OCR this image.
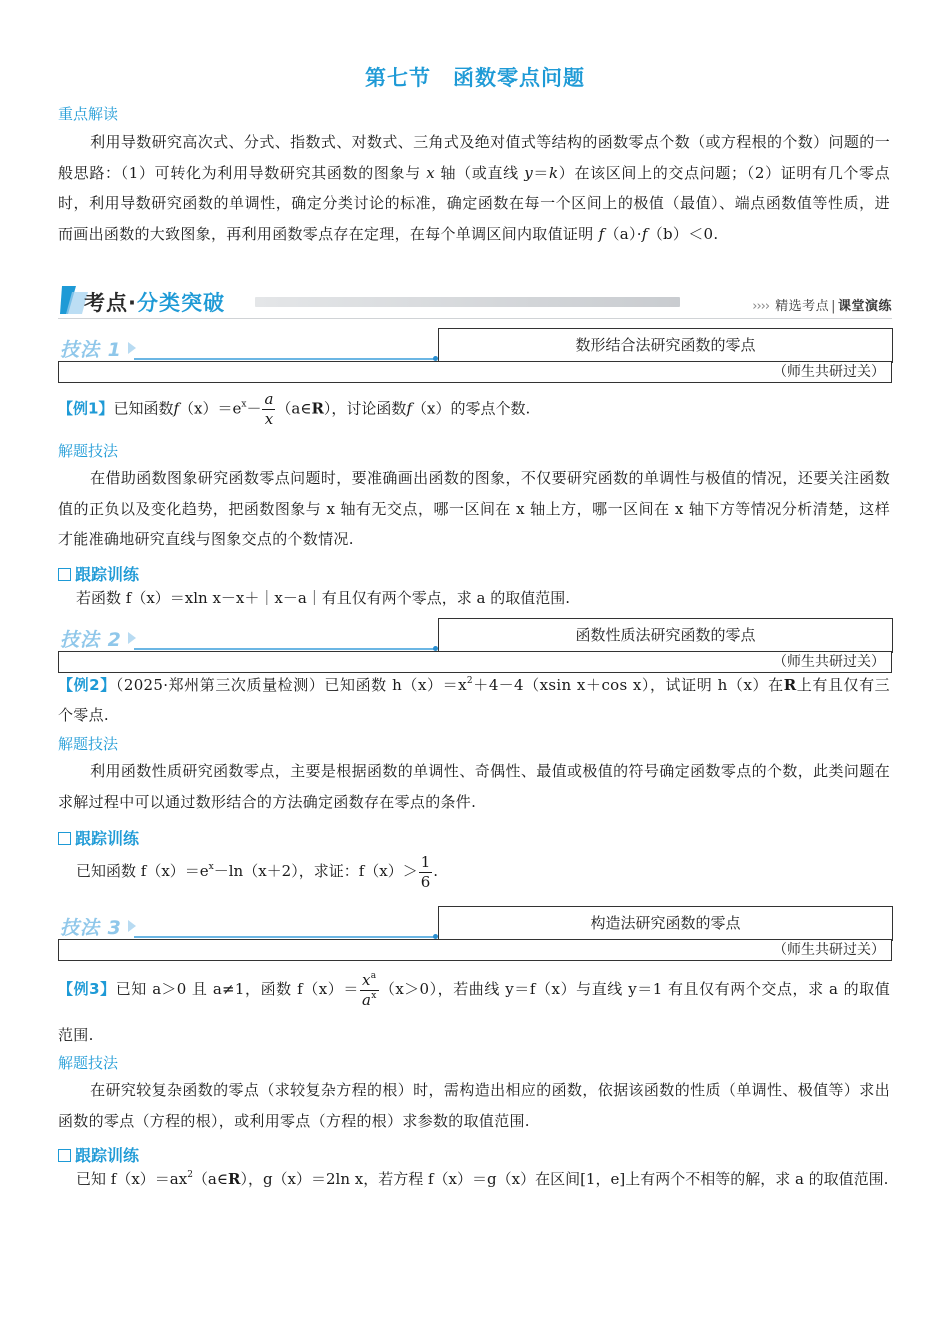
第七节 函数零点问题
重点解读
利用导数研究高次式、分式、指数式、对数式、三角式及绝对值式等结构的函数零点个数（或方程根的个数）问题的一般思路：（1）可转化为利用导数研究其函数的图象与 x 轴（或直线 y＝k）在该区间上的交点问题；（2）证明有几个零点时，利用导数研究函数的单调性，确定分类讨论的标准，确定函数在每一个区间上的极值（最值）、端点函数值等性质，进而画出函数的大致图象，再利用函数零点存在定理，在每个单调区间内取值证明 f（a）·f（b）＜0.
考点·分类突破	›››› 精选考点 | 课堂演练
技法 1	数形结合法研究函数的零点
（师生共研过关）
【例1】已知函数$f(x)=e^x- \frac{a}{x}$ （a∈R），讨论函数f（x）的零点个数.
解题技法
在借助函数图象研究函数零点问题时，要准确画出函数的图象，不仅要研究函数的单调性与极值的情况，还要关注函数值的正负以及变化趋势，把函数图象与 x 轴有无交点，哪一区间在 x 轴上方，哪一区间在 x 轴下方等情况分析清楚，这样才能准确地研究直线与图象交点的个数情况.
跟踪训练
若函数 f（x）＝xln x－x＋｜x－a｜有且仅有两个零点，求 a 的取值范围.
技法 2	函数性质法研究函数的零点
（师生共研过关）
【例2】（2025·郑州第三次质量检测）已知函数 $h(x)=x^2+4-4(xsin$ x＋cos x），试证明 h（x）在R上有且仅有三个零点.
解题技法
利用函数性质研究函数零点，主要是根据函数的单调性、奇偶性、最值或极值的符号确定函数零点的个数，此类问题在求解过程中可以通过数形结合的方法确定函数存在零点的条件.
跟踪训练
已知函数 $f(x)=e^x-\ln(x+2)$，求证：$f(x)> \frac{1}{6}$ .
技法 3	构造法研究函数的零点
（师生共研过关）
【例3】已知 a＞0 且 a≠1，函数 $f(x)= \frac{x^a}{a^x} (x>0)$，若曲线 y＝f（x）与直线 y＝1 有且仅有两个交点，求 a 的取值范围.
解题技法
在研究较复杂函数的零点（求较复杂方程的根）时，需构造出相应的函数，依据该函数的性质（单调性、极值等）求出函数的零点（方程的根），或利用零点（方程的根）求参数的取值范围.
跟踪训练
已知 $f(x)=ax^2(a\in R)$，g（x）＝2ln x，若方程 f（x）＝g（x）在区间[1，e]上有两个不相等的解，求 a 的取值范围.
